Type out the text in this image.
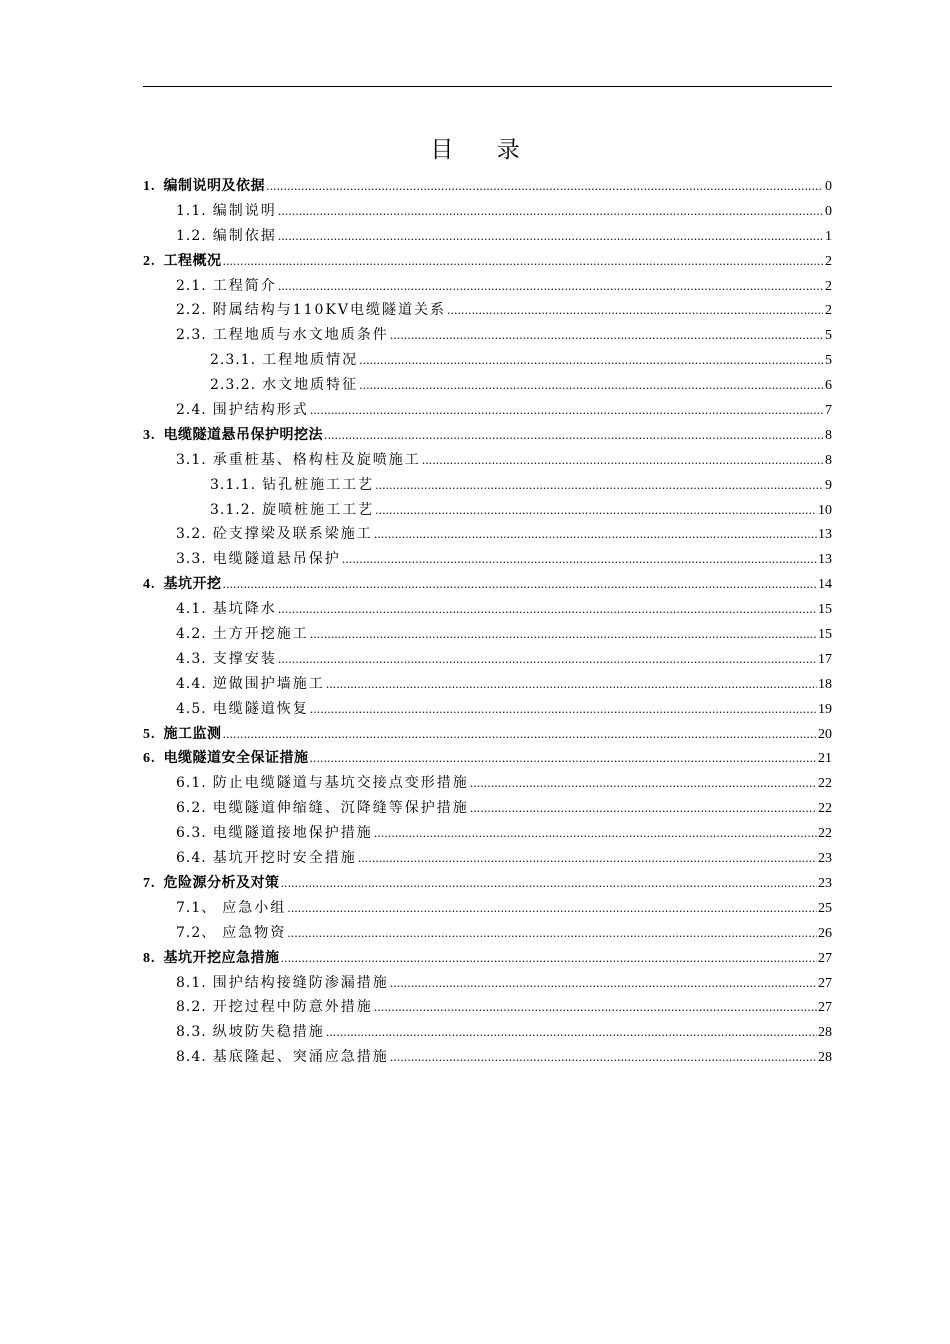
目 录
1. 编制说明及依据 .....	0
1.1. 编制说明 .....	0
1.2. 编制依据 .....	1
2. 工程概况 .....	2
2.1. 工程简介 .....	2
2.2. 附属结构与110KV电缆隧道关系 .....	2
2.3. 工程地质与水文地质条件 .....	5
2.3.1. 工程地质情况 .....	5
2.3.2. 水文地质特征 .....	6
2.4. 围护结构形式 .....	7
3. 电缆隧道悬吊保护明挖法 .....	8
3.1. 承重桩基、格构柱及旋喷施工 .....	8
3.1.1. 钻孔桩施工工艺 .....	9
3.1.2. 旋喷桩施工工艺 .....	10
3.2. 砼支撑梁及联系梁施工 .....	13
3.3. 电缆隧道悬吊保护 .....	13
4. 基坑开挖 .....	14
4.1. 基坑降水 .....	15
4.2. 土方开挖施工 .....	15
4.3. 支撑安装 .....	17
4.4. 逆做围护墙施工 .....	18
4.5. 电缆隧道恢复 .....	19
5. 施工监测 .....	20
6. 电缆隧道安全保证措施 .....	21
6.1. 防止电缆隧道与基坑交接点变形措施 .....	22
6.2. 电缆隧道伸缩缝、沉降缝等保护措施 .....	22
6.3. 电缆隧道接地保护措施 .....	22
6.4. 基坑开挖时安全措施 .....	23
7. 危险源分析及对策 .....	23
7.1、 应急小组 .....	25
7.2、 应急物资 .....	26
8. 基坑开挖应急措施 .....	27
8.1. 围护结构接缝防渗漏措施 .....	27
8.2. 开挖过程中防意外措施 .....	27
8.3. 纵坡防失稳措施 .....	28
8.4. 基底隆起、突涌应急措施 .....	28
